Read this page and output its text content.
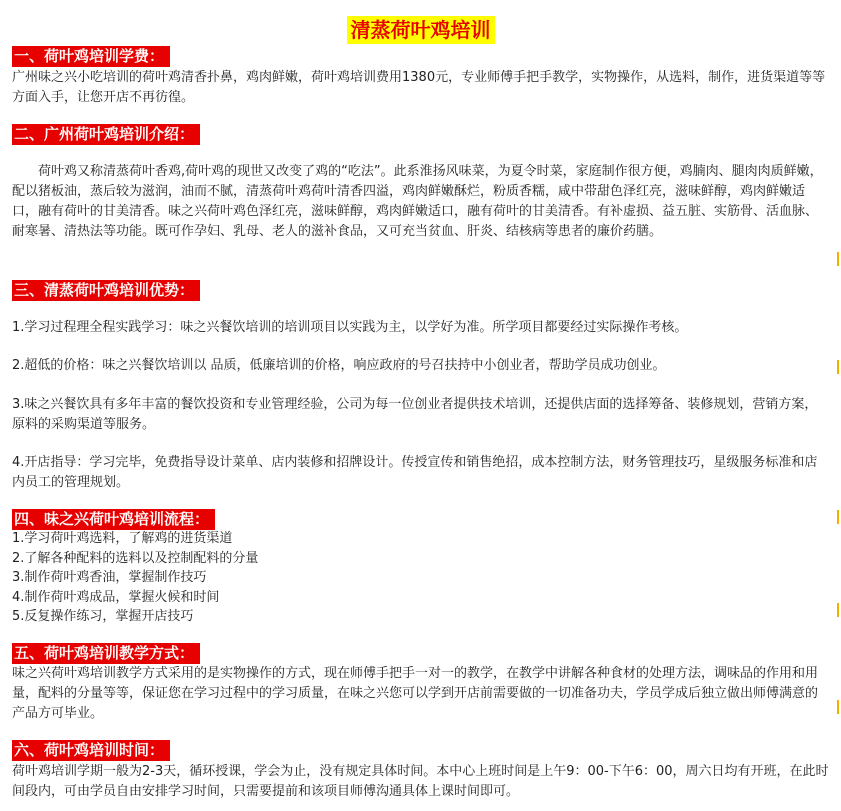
清蒸荷叶鸡培训
一、荷叶鸡培训学费：

广州味之兴小吃培训的荷叶鸡清香扑鼻，鸡肉鲜嫩，荷叶鸡培训费用1380元，专业师傅手把手教学，实物操作，从选料，制作，进货渠道等等方面入手，让您开店不再彷徨。

二、广州荷叶鸡培训介绍：

荷叶鸡又称清蒸荷叶香鸡,荷叶鸡的现世又改变了鸡的“吃法”。此系淮扬风味菜，为夏令时菜，家庭制作很方便，鸡腩肉、腿肉肉质鲜嫩，配以猪板油，蒸后较为滋润，油而不腻，清蒸荷叶鸡荷叶清香四溢，鸡肉鲜嫩酥烂，粉质香糯，咸中带甜色泽红亮，滋味鲜醇，鸡肉鲜嫩适口，融有荷叶的甘美清香。味之兴荷叶鸡色泽红亮，滋味鲜醇，鸡肉鲜嫩适口，融有荷叶的甘美清香。有补虚损、益五脏、实筋骨、活血脉、耐寒暑、清热法等功能。既可作孕妇、乳母、老人的滋补食品，又可充当贫血、肝炎、结核病等患者的廉价药膳。

三、清蒸荷叶鸡培训优势：

1.学习过程理全程实践学习：味之兴餐饮培训的培训项目以实践为主，以学好为准。所学项目都要经过实际操作考核。

2.超低的价格：味之兴餐饮培训以 品质，低廉培训的价格，响应政府的号召扶持中小创业者，帮助学员成功创业。

3.味之兴餐饮具有多年丰富的餐饮投资和专业管理经验，公司为每一位创业者提供技术培训，还提供店面的选择筹备、装修规划，营销方案，原料的采购渠道等服务。

4.开店指导：学习完毕，免费指导设计菜单、店内装修和招牌设计。传授宣传和销售绝招，成本控制方法，财务管理技巧，星级服务标准和店内员工的管理规划。

四、味之兴荷叶鸡培训流程：
1.学习荷叶鸡选料，了解鸡的进货渠道
2.了解各种配料的选料以及控制配料的分量
3.制作荷叶鸡香油，掌握制作技巧
4.制作荷叶鸡成品，掌握火候和时间
5.反复操作练习，掌握开店技巧
五、荷叶鸡培训教学方式：

味之兴荷叶鸡培训教学方式采用的是实物操作的方式，现在师傅手把手一对一的教学，在教学中讲解各种食材的处理方法，调味品的作用和用量，配料的分量等等，保证您在学习过程中的学习质量，在味之兴您可以学到开店前需要做的一切准备功夫，学员学成后独立做出师傅满意的产品方可毕业。

六、荷叶鸡培训时间：

荷叶鸡培训学期一般为2-3天，循环授课，学会为止，没有规定具体时间。本中心上班时间是上午9：00-下午6：00，周六日均有开班，在此时间段内，可由学员自由安排学习时间，只需要提前和该项目师傅沟通具体上课时间即可。
